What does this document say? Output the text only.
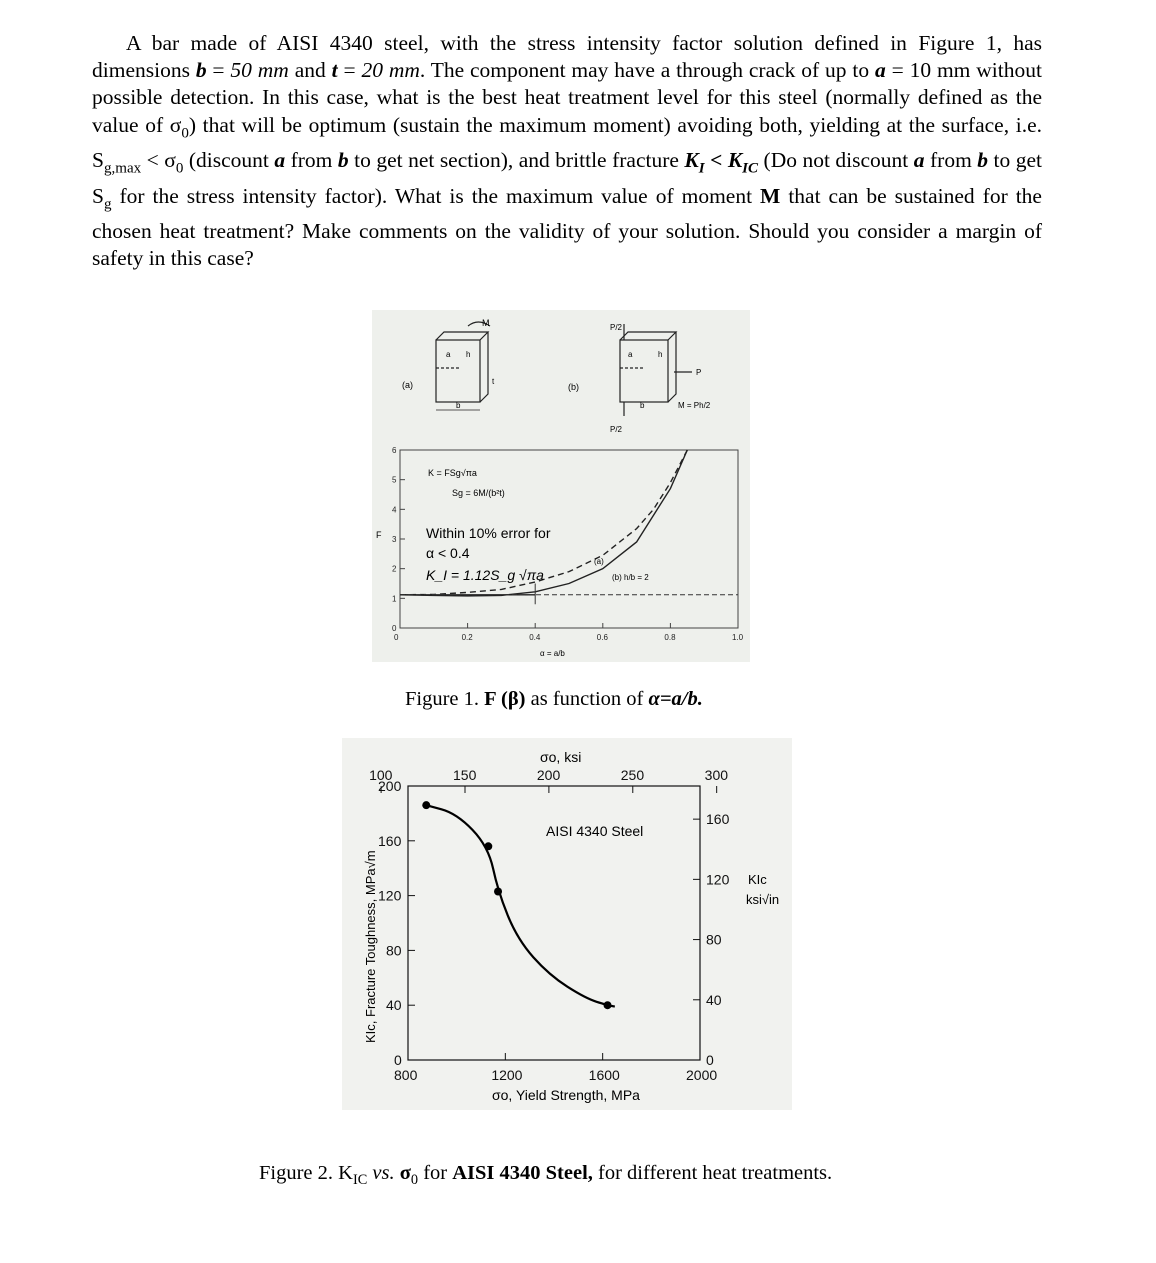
A bar made of AISI 4340 steel, with the stress intensity factor solution defined in Figure 1, has dimensions b = 50 mm and t = 20 mm. The component may have a through crack of up to a = 10 mm without possible detection. In this case, what is the best heat treatment level for this steel (normally defined as the value of $\sigma_0$) that will be optimum (sustain the maximum moment) avoiding both, yielding at the surface, i.e. $S_{g,max} < \sigma_0$ (discount a from b to get net section), and brittle fracture $K_I < K_{IC}$ (Do not discount a from b to get $S_g$ for the stress intensity factor). What is the maximum value of moment M that can be sustained for the chosen heat treatment? Make comments on the validity of your solution. Should you consider a margin of safety in this case?
M
a h
t
b
(a)
P/2
P/2
P
a	h
b	M = Ph/2
(b)
0	0.2	0.4	0.6	0.8	1.0
0
1
2
3
4
5
6
K = FSg√πa
Sg = 6M/(b²t)
Within 10% error for
α < 0.4
K_I = 1.12S_g √πa
F
α = a/b
(a)
(b) h/b = 2
Figure 1. F (β) as function of α=a/b.
800	1200	1600	2000
0
40
80
120
160
200
100	150	200	250	300
0
40
80
120
160
σo, ksi
AISI 4340 Steel
σo, Yield Strength, MPa
KIc, Fracture Toughness, MPa√m	KIc
ksi√in
Figure 2. $K_{IC}$ vs. $\sigma_0$ for AISI 4340 Steel, for different heat treatments.
